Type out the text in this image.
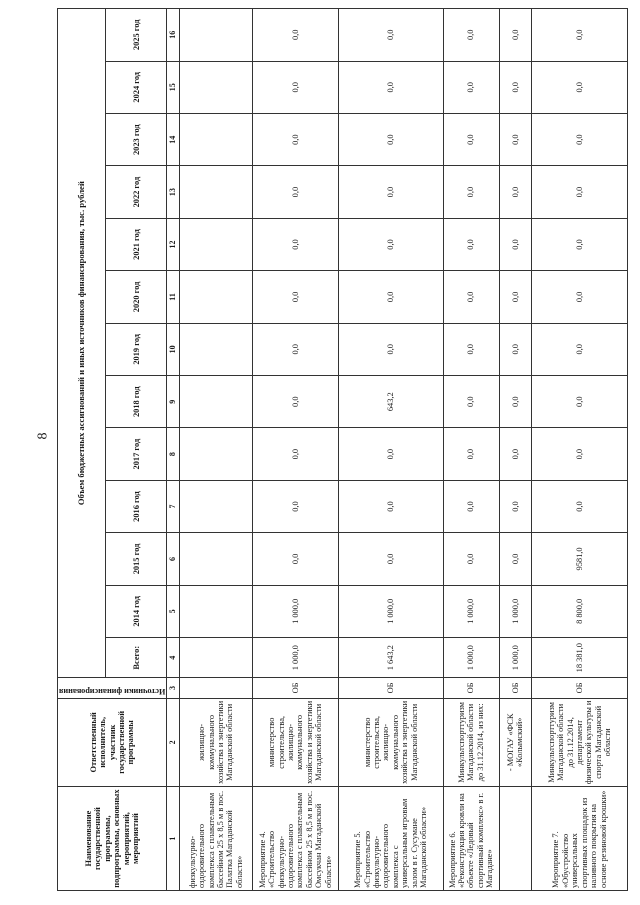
8
Наименование государственной программы, подпрограммы, основных мероприятий, мероприятий	Ответственный исполнитель, участник государственной программы	Источники финансирования	Объем бюджетных ассигнований и иных источников финансирования, тыс. рублей												
			Всего:	2014 год	2015 год	2016 год	2017 год	2018 год	2019 год	2020 год	2021 год	2022 год	2023 год	2024 год	2025 год
1	2	3	4	5	6	7	8	9	10	11	12	13	14	15	16
физкультурно-оздоровительного комплекса с плавательным бассейном 25 x 8,5 м в пос. Палатка Магаданской области»	жилищно-коммунального хозяйства и энергетики Магаданской области														
Мероприятие 4. «Строительство физкультурно-оздоровительного комплекса с плавательным бассейном 25 x 8,5 м в пос. Омсукчан Магаданской области»	министерство строительства, жилищно-коммунального хозяйства и энергетики Магаданской области	ОБ	1 000,0	1 000,0	0,0	0,0	0,0	0,0	0,0	0,0	0,0	0,0	0,0	0,0	0,0
Мероприятие 5. «Строительство физкультурно-оздоровительного комплекса с универсальным игровым залом в г. Сусумане Магаданской области»	министерство строительства, жилищно-коммунального хозяйства и энергетики Магаданской области	ОБ	1 643,2	1 000,0	0,0	0,0	0,0	643,2	0,0	0,0	0,0	0,0	0,0	0,0	0,0
Мероприятие 6. «Реконструкция кровли на объекте «Ледовый спортивный комплекс» в г. Магадане»	Минкультспорттуризм Магаданской области до 31.12.2014, из них:	ОБ	1 000,0	1 000,0	0,0	0,0	0,0	0,0	0,0	0,0	0,0	0,0	0,0	0,0	0,0
	- МОГАУ «ФСК «Колымский»	ОБ	1 000,0	1 000,0	0,0	0,0	0,0	0,0	0,0	0,0	0,0	0,0	0,0	0,0	0,0
Мероприятие 7. «Обустройство универсальных спортивных площадок из наливного покрытия на основе резиновой крошки»	Минкультспорттуризм Магаданской области до 31.12.2014, департамент физической культуры и спорта Магаданской области	ОБ	18 381,0	8 800,0	9581,0	0,0	0,0	0,0	0,0	0,0	0,0	0,0	0,0	0,0	0,0
